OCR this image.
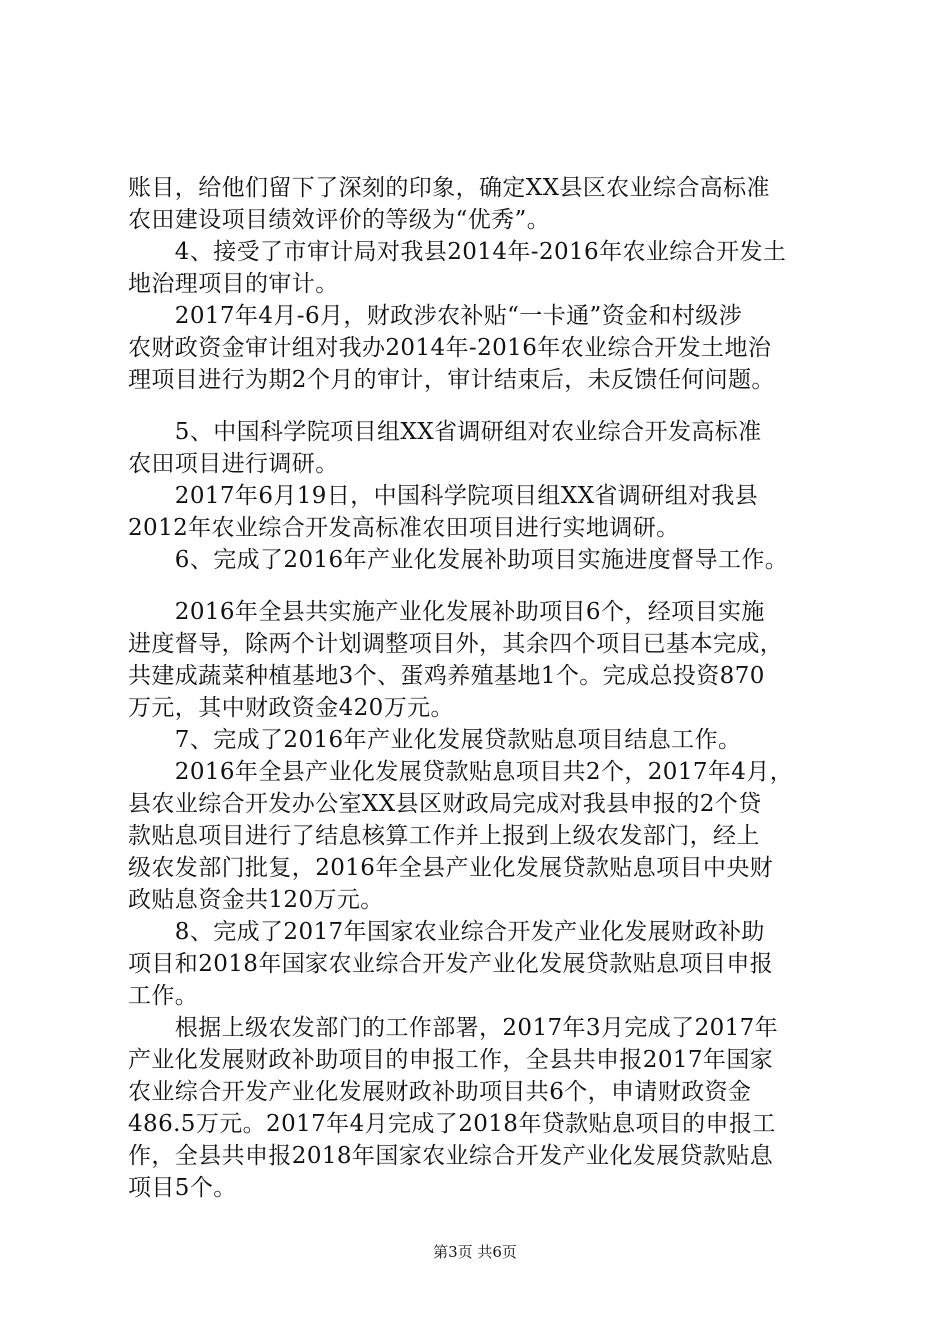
账目，给他们留下了深刻的印象，确定XX县区农业综合高标准
农田建设项目绩效评价的等级为“优秀”。
　　4、接受了市审计局对我县2014年-2016年农业综合开发土
地治理项目的审计。
　　2017年4月-6月，财政涉农补贴“一卡通”资金和村级涉
农财政资金审计组对我办2014年-2016年农业综合开发土地治
理项目进行为期2个月的审计，审计结束后，未反馈任何问题。
　　5、中国科学院项目组XX省调研组对农业综合开发高标准
农田项目进行调研。
　　2017年6月19日，中国科学院项目组XX省调研组对我县
2012年农业综合开发高标准农田项目进行实地调研。
　　6、完成了2016年产业化发展补助项目实施进度督导工作。
　　2016年全县共实施产业化发展补助项目6个，经项目实施
进度督导，除两个计划调整项目外，其余四个项目已基本完成，
共建成蔬菜种植基地3个、蛋鸡养殖基地1个。完成总投资870
万元，其中财政资金420万元。
　　7、完成了2016年产业化发展贷款贴息项目结息工作。
　　2016年全县产业化发展贷款贴息项目共2个，2017年4月，
县农业综合开发办公室XX县区财政局完成对我县申报的2个贷
款贴息项目进行了结息核算工作并上报到上级农发部门，经上
级农发部门批复，2016年全县产业化发展贷款贴息项目中央财
政贴息资金共120万元。
　　8、完成了2017年国家农业综合开发产业化发展财政补助
项目和2018年国家农业综合开发产业化发展贷款贴息项目申报
工作。
　　根据上级农发部门的工作部署，2017年3月完成了2017年
产业化发展财政补助项目的申报工作，全县共申报2017年国家
农业综合开发产业化发展财政补助项目共6个，申请财政资金
486.5万元。2017年4月完成了2018年贷款贴息项目的申报工
作，全县共申报2018年国家农业综合开发产业化发展贷款贴息
项目5个。
第3页 共6页
